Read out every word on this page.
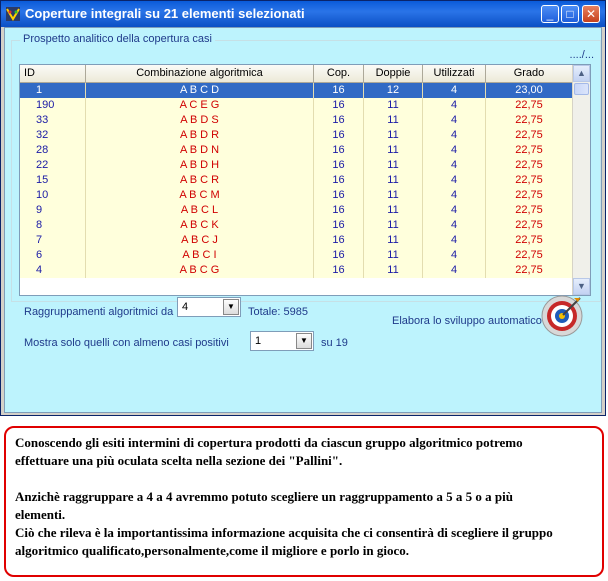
Coperture integrali su 21 elementi selezionati	_	□	✕
Prospetto analitico della copertura casi
..../...
ID	Combinazione algoritmica	Cop.	Doppie	Utilizzati	Grado
1	A B C D	16	12	4	23,00
190	A C E G	16	11	4	22,75
33	A B D S	16	11	4	22,75
32	A B D R	16	11	4	22,75
28	A B D N	16	11	4	22,75
22	A B D H	16	11	4	22,75
15	A B C R	16	11	4	22,75
10	A B C M	16	11	4	22,75
9	A B C L	16	11	4	22,75
8	A B C K	16	11	4	22,75
7	A B C J	16	11	4	22,75
6	A B C I	16	11	4	22,75
4	A B C G	16	11	4	22,75
▲
▼
Raggruppamenti algoritmici da 4	▼	Totale: 5985
Mostra solo quelli con almeno casi positivi 1	▼	su 19
Elabora lo sviluppo automatico
Conoscendo gli esiti intermini di copertura prodotti da ciascun gruppo algoritmico potremo
effettuare una più oculata scelta nella sezione dei "Pallini".
Anzichè raggruppare a 4 a 4 avremmo potuto scegliere un raggruppamento a 5 a 5 o a più
elementi.
Ciò che rileva è la importantissima informazione acquisita che ci consentirà di scegliere il gruppo
algoritmico qualificato,personalmente,come il migliore e porlo in gioco.
